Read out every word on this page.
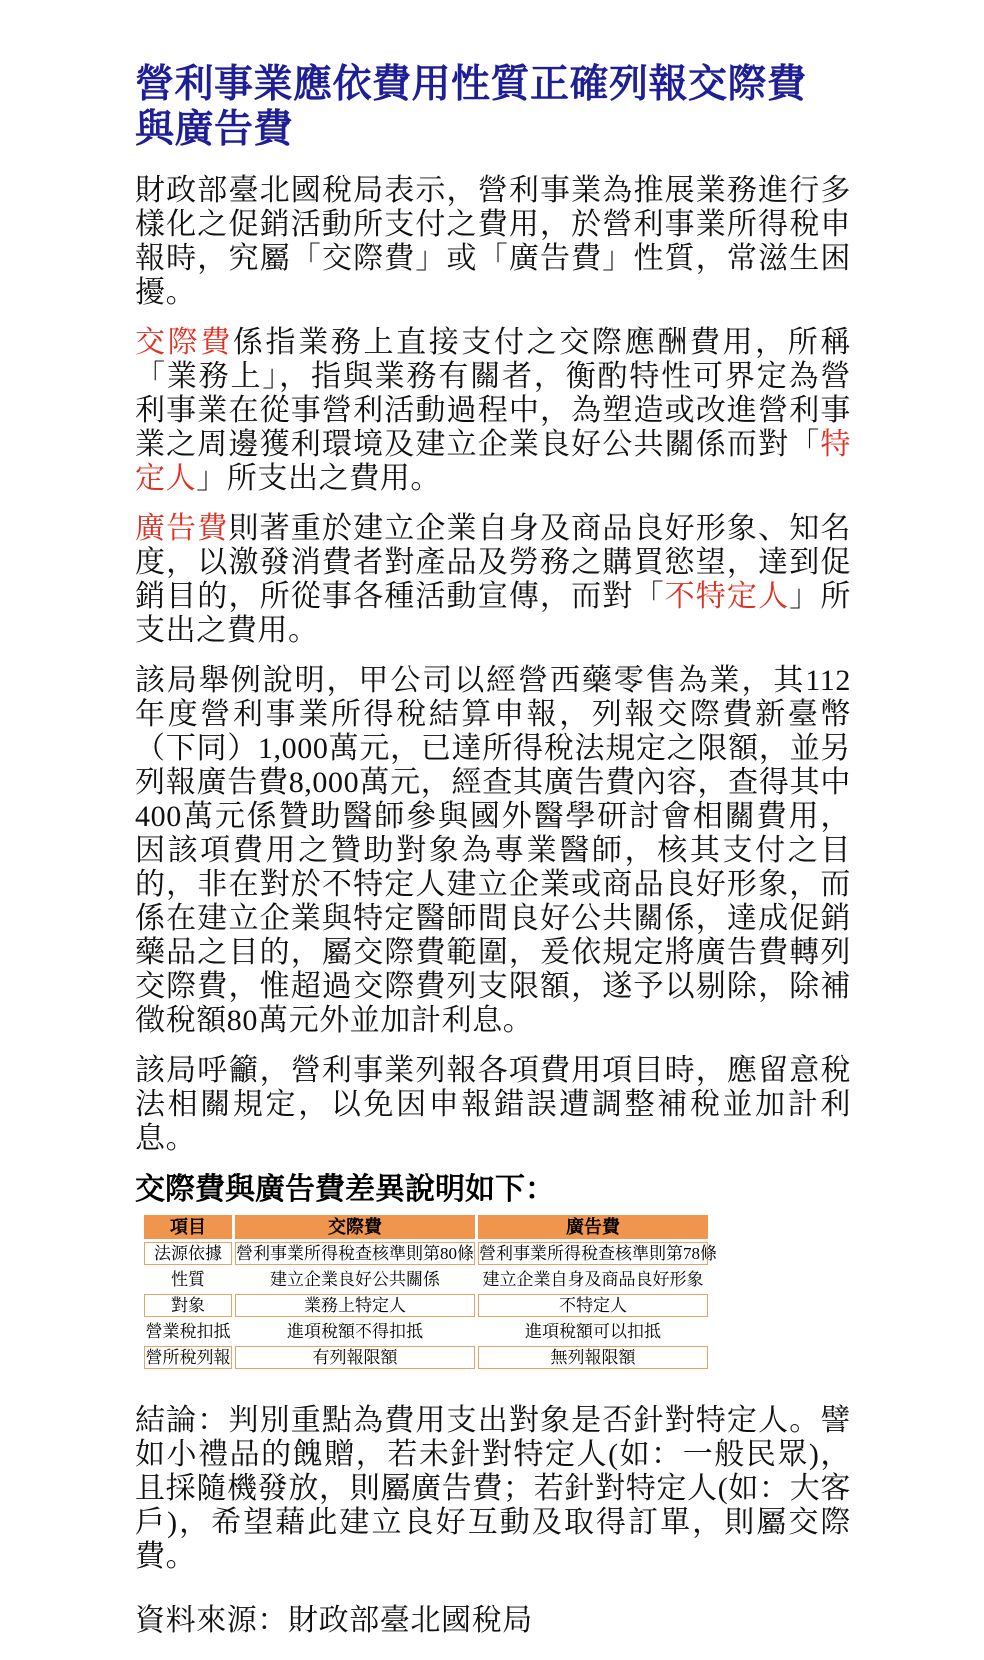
營利事業應依費用性質正確列報交際費與廣告費

財政部臺北國稅局表示，營利事業為推展業務進行多樣化之促銷活動所支付之費用，於營利事業所得稅申報時，究屬「交際費」或「廣告費」性質，常滋生困擾。

交際費係指業務上直接支付之交際應酬費用，所稱「業務上」，指與業務有關者，衡酌特性可界定為營利事業在從事營利活動過程中，為塑造或改進營利事業之周邊獲利環境及建立企業良好公共關係而對「特定人」所支出之費用。

廣告費則著重於建立企業自身及商品良好形象、知名度，以激發消費者對產品及勞務之購買慾望，達到促銷目的，所從事各種活動宣傳，而對「不特定人」所支出之費用。

該局舉例說明，甲公司以經營西藥零售為業，其112年度營利事業所得稅結算申報，列報交際費新臺幣（下同）1,000萬元，已達所得稅法規定之限額，並另列報廣告費8,000萬元，經查其廣告費內容，查得其中400萬元係贊助醫師參與國外醫學研討會相關費用，因該項費用之贊助對象為專業醫師，核其支付之目的，非在對於不特定人建立企業或商品良好形象，而係在建立企業與特定醫師間良好公共關係，達成促銷藥品之目的，屬交際費範圍，爰依規定將廣告費轉列交際費，惟超過交際費列支限額，遂予以剔除，除補徵稅額80萬元外並加計利息。

該局呼籲，營利事業列報各項費用項目時，應留意稅法相關規定，以免因申報錯誤遭調整補稅並加計利息。

交際費與廣告費差異說明如下：
項目	交際費	廣告費
法源依據	營利事業所得稅查核準則第80條	營利事業所得稅查核準則第78條
性質	建立企業良好公共關係	建立企業自身及商品良好形象
對象	業務上特定人	不特定人
營業稅扣抵	進項稅額不得扣抵	進項稅額可以扣抵
營所稅列報	有列報限額	無列報限額

結論：判別重點為費用支出對象是否針對特定人。譬如小禮品的餽贈，若未針對特定人(如：一般民眾)，且採隨機發放，則屬廣告費；若針對特定人(如：大客戶)，希望藉此建立良好互動及取得訂單，則屬交際費。

資料來源：財政部臺北國稅局
